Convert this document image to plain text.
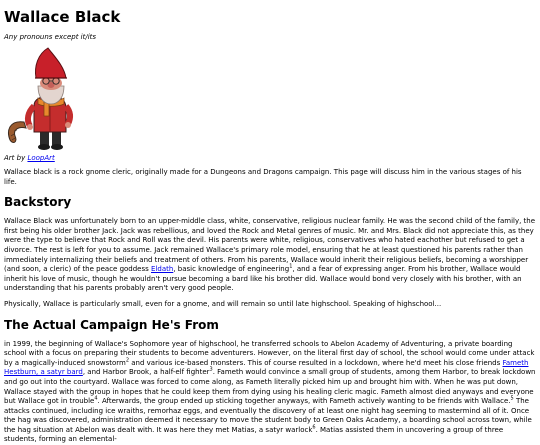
Wallace Black
Any pronouns except it/its
Art by LoopArt

Wallace black is a rock gnome cleric, originally made for a Dungeons and Dragons campaign. This page will discuss him in the various stages of his life.

Backstory

Wallace Black was unfortunately born to an upper-middle class, white, conservative, religious nuclear family. He was the second child of the family, the first being his older brother Jack. Jack was rebellious, and loved the Rock and Metal genres of music. Mr. and Mrs. Black did not appreciate this, as they were the type to believe that Rock and Roll was the devil. His parents were white, religious, conservatives who hated eachother but refused to get a divorce. The rest is left for you to assume. Jack remained Wallace's primary role model, ensuring that he at least questioned his parents rather than immediately internalizing their beliefs and treatment of others. From his parents, Wallace would inherit their religious beliefs, becoming a worshipper (and soon, a cleric) of the peace goddess Eldath, basic knowledge of engineering$^1$, and a fear of expressing anger. From his brother, Wallace would inherit his love of music, though he wouldn't pursue becoming a bard like his brother did. Wallace would bond very closely with his brother, with an understanding that his parents probably aren't very good people.

Physically, Wallace is particularly small, even for a gnome, and will remain so until late highschool. Speaking of highschool...

The Actual Campaign He's From

in 1999, the beginning of Wallace's Sophomore year of highschool, he transferred schools to Abelon Academy of Adventuring, a private boarding school with a focus on preparing their students to become adventurers. However, on the literal first day of school, the school would come under attack by a magically-induced snowstorm$^2$ and various ice-based monsters. This of course resulted in a lockdown, where he'd meet his close friends Fameth Hestburn, a satyr bard, and Harbor Brook, a half-elf fighter$^3$. Fameth would convince a small group of students, among them Harbor, to break lockdown and go out into the courtyard. Wallace was forced to come along, as Fameth literally picked him up and brought him with. When he was put down, Wallace stayed with the group in hopes that he could keep them from dying using his healing cleric magic. Fameth almost died anyways and everyone but Wallace got in trouble$^4$. Afterwards, the group ended up sticking together anyways, with Fameth actively wanting to be friends with Wallace.$^5$ The attacks continued, including ice wraiths, remorhaz eggs, and eventually the discovery of at least one night hag seeming to mastermind all of it. Once the hag was discovered, administration deemed it necessary to move the student body to Green Oaks Academy, a boarding school across town, while the hag situation at Abelon was dealt with. It was here they met Matias, a satyr warlock$^6$. Matias assisted them in uncovering a group of three students, forming an elemental-
